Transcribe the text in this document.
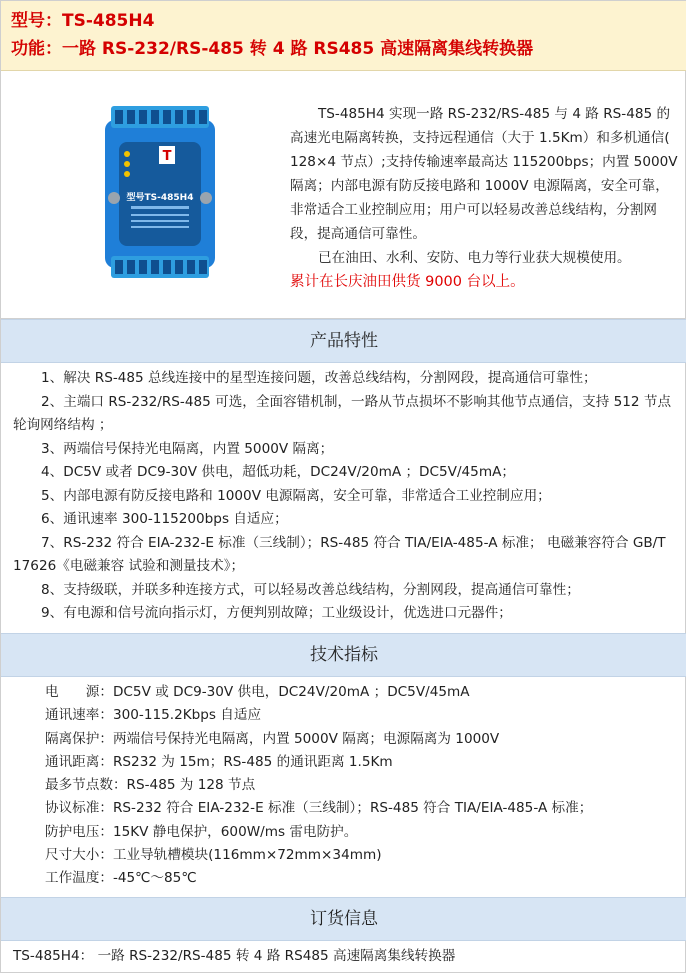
型号：TS-485H4
功能：一路 RS-232/RS-485 转 4 路 RS485 高速隔离集线转换器
T
型号TS-485H4

TS-485H4 实现一路 RS-232/RS-485 与 4 路 RS-485 的高速光电隔离转换，支持远程通信（大于 1.5Km）和多机通信( 128×4 节点）;支持传输速率最高达 115200bps；内置 5000V 隔离；内部电源有防反接电路和 1000V 电源隔离，安全可靠，非常适合工业控制应用；用户可以轻易改善总线结构，分割网段，提高通信可靠性。

已在油田、水利、安防、电力等行业获大规模使用。

累计在长庆油田供货 9000 台以上。

产品特性

1、解决 RS-485 总线连接中的星型连接问题，改善总线结构，分割网段，提高通信可靠性；

2、主端口 RS-232/RS-485 可选，全面容错机制，一路从节点损坏不影响其他节点通信，支持 512 节点轮询网络结构 ；

3、两端信号保持光电隔离，内置 5000V 隔离；

4、DC5V 或者 DC9-30V 供电，超低功耗，DC24V/20mA ；DC5V/45mA；

5、内部电源有防反接电路和 1000V 电源隔离，安全可靠，非常适合工业控制应用；

6、通讯速率 300-115200bps 自适应；

7、RS-232 符合 EIA-232-E 标准（三线制）；RS-485 符合 TIA/EIA-485-A 标准； 电磁兼容符合 GB/T 17626《电磁兼容 试验和测量技术》；

8、支持级联，并联多种连接方式，可以轻易改善总线结构，分割网段，提高通信可靠性；

9、有电源和信号流向指示灯，方便判别故障；工业级设计，优选进口元器件；

技术指标

电　　源：DC5V 或 DC9-30V 供电，DC24V/20mA ；DC5V/45mA

通讯速率：300-115.2Kbps 自适应

隔离保护：两端信号保持光电隔离，内置 5000V 隔离；电源隔离为 1000V

通讯距离：RS232 为 15m；RS-485 的通讯距离 1.5Km

最多节点数：RS-485 为 128 节点

协议标准：RS-232 符合 EIA-232-E 标准（三线制）；RS-485 符合 TIA/EIA-485-A 标准；

防护电压：15KV 静电保护，600W/ms 雷电防护。

尺寸大小：工业导轨槽模块(116mm×72mm×34mm)

工作温度：-45℃～85℃

订货信息

TS-485H4： 一路 RS-232/RS-485 转 4 路 RS485 高速隔离集线转换器
